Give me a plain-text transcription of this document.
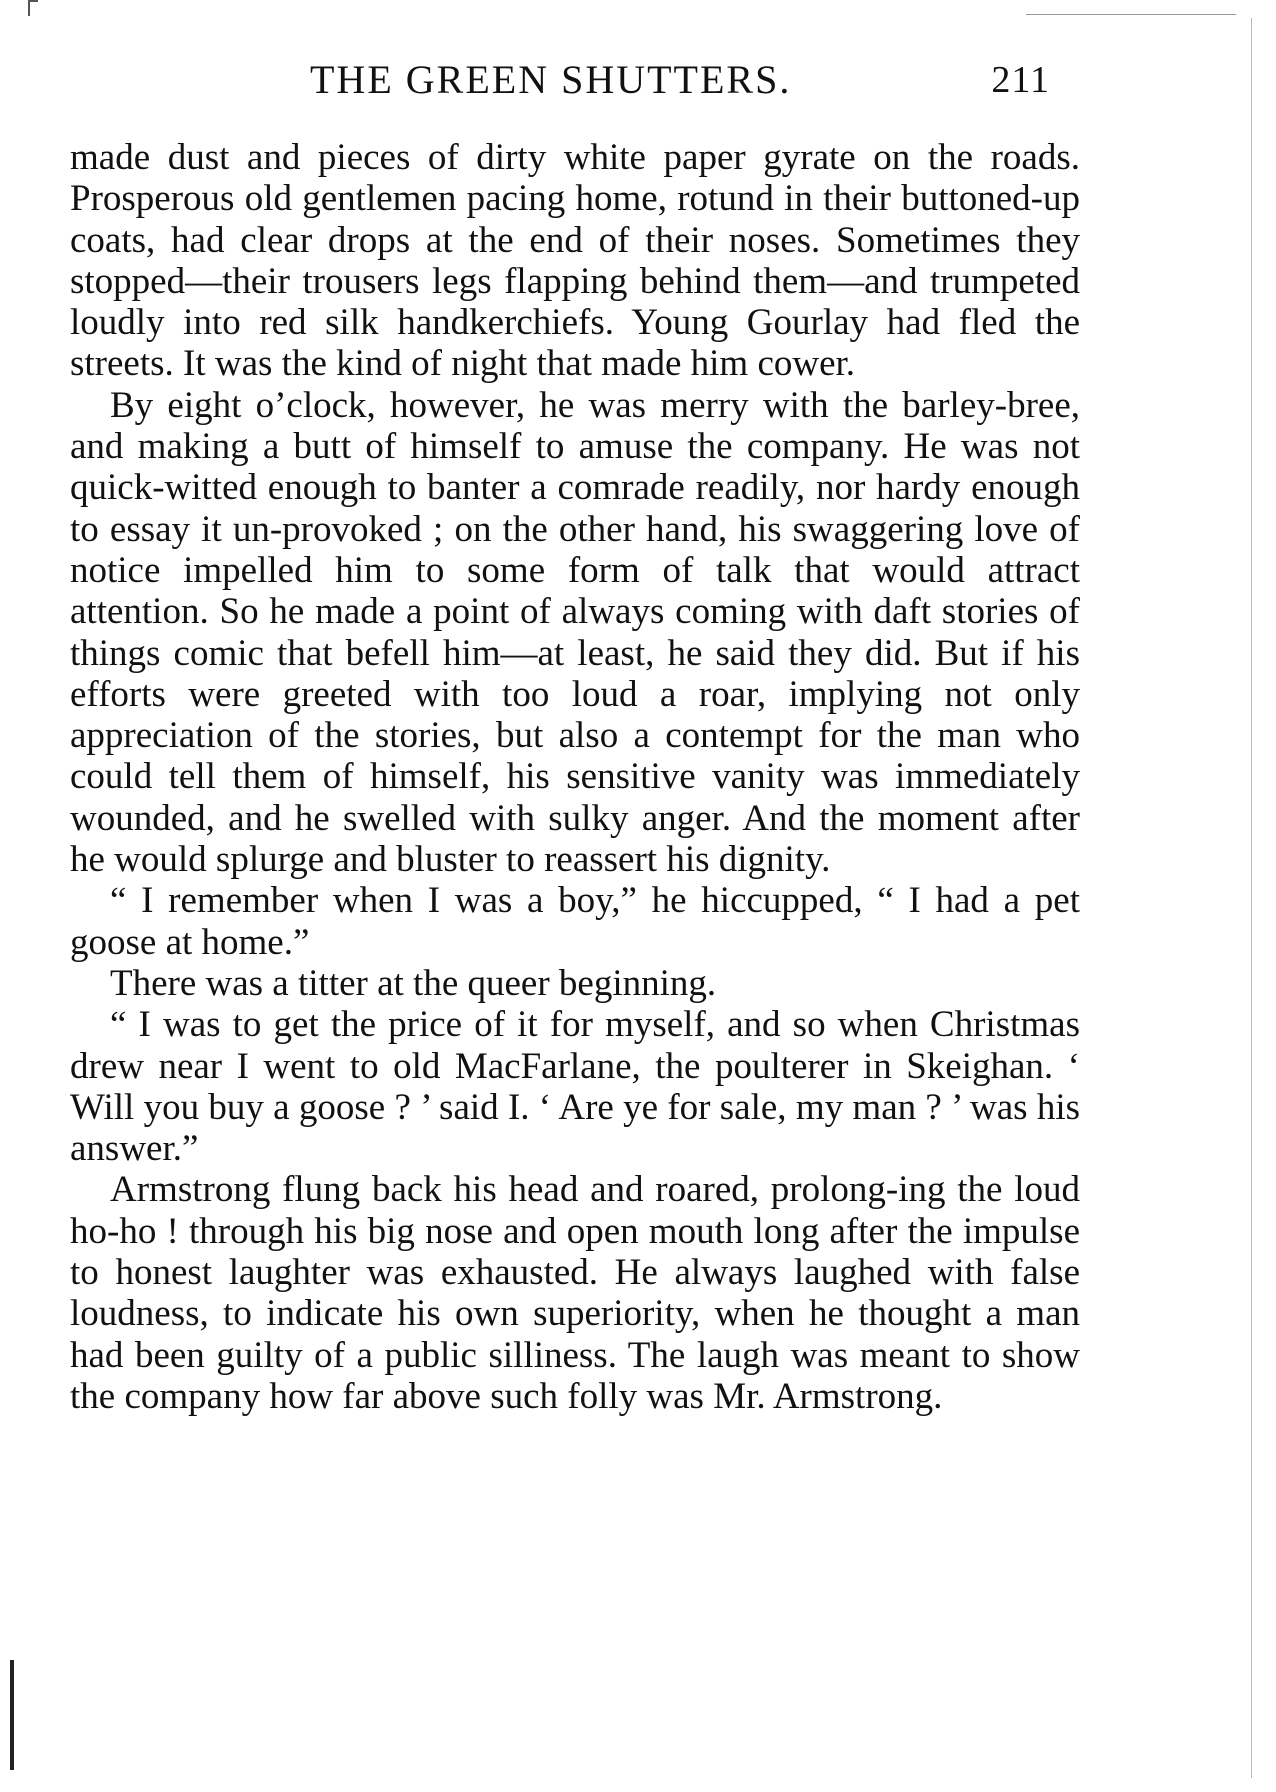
THE GREEN SHUTTERS.	211

made dust and pieces of dirty white paper gyrate on the roads. Prosperous old gentlemen pacing home, rotund in their buttoned-up coats, had clear drops at the end of their noses. Sometimes they stopped—their trousers legs flapping behind them—and trumpeted loudly into red silk handkerchiefs. Young Gourlay had fled the streets. It was the kind of night that made him cower.

By eight o’clock, however, he was merry with the barley-bree, and making a butt of himself to amuse the company. He was not quick-witted enough to banter a comrade readily, nor hardy enough to essay it un-provoked ; on the other hand, his swaggering love of notice impelled him to some form of talk that would attract attention. So he made a point of always coming with daft stories of things comic that befell him—at least, he said they did. But if his efforts were greeted with too loud a roar, implying not only appreciation of the stories, but also a contempt for the man who could tell them of himself, his sensitive vanity was immediately wounded, and he swelled with sulky anger. And the moment after he would splurge and bluster to reassert his dignity.

“ I remember when I was a boy,” he hiccupped, “ I had a pet goose at home.”

There was a titter at the queer beginning.

“ I was to get the price of it for myself, and so when Christmas drew near I went to old MacFarlane, the poulterer in Skeighan. ‘ Will you buy a goose ? ’ said I. ‘ Are ye for sale, my man ? ’ was his answer.”

Armstrong flung back his head and roared, prolong-ing the loud ho-ho ! through his big nose and open mouth long after the impulse to honest laughter was exhausted. He always laughed with false loudness, to indicate his own superiority, when he thought a man had been guilty of a public silliness. The laugh was meant to show the company how far above such folly was Mr. Armstrong.
